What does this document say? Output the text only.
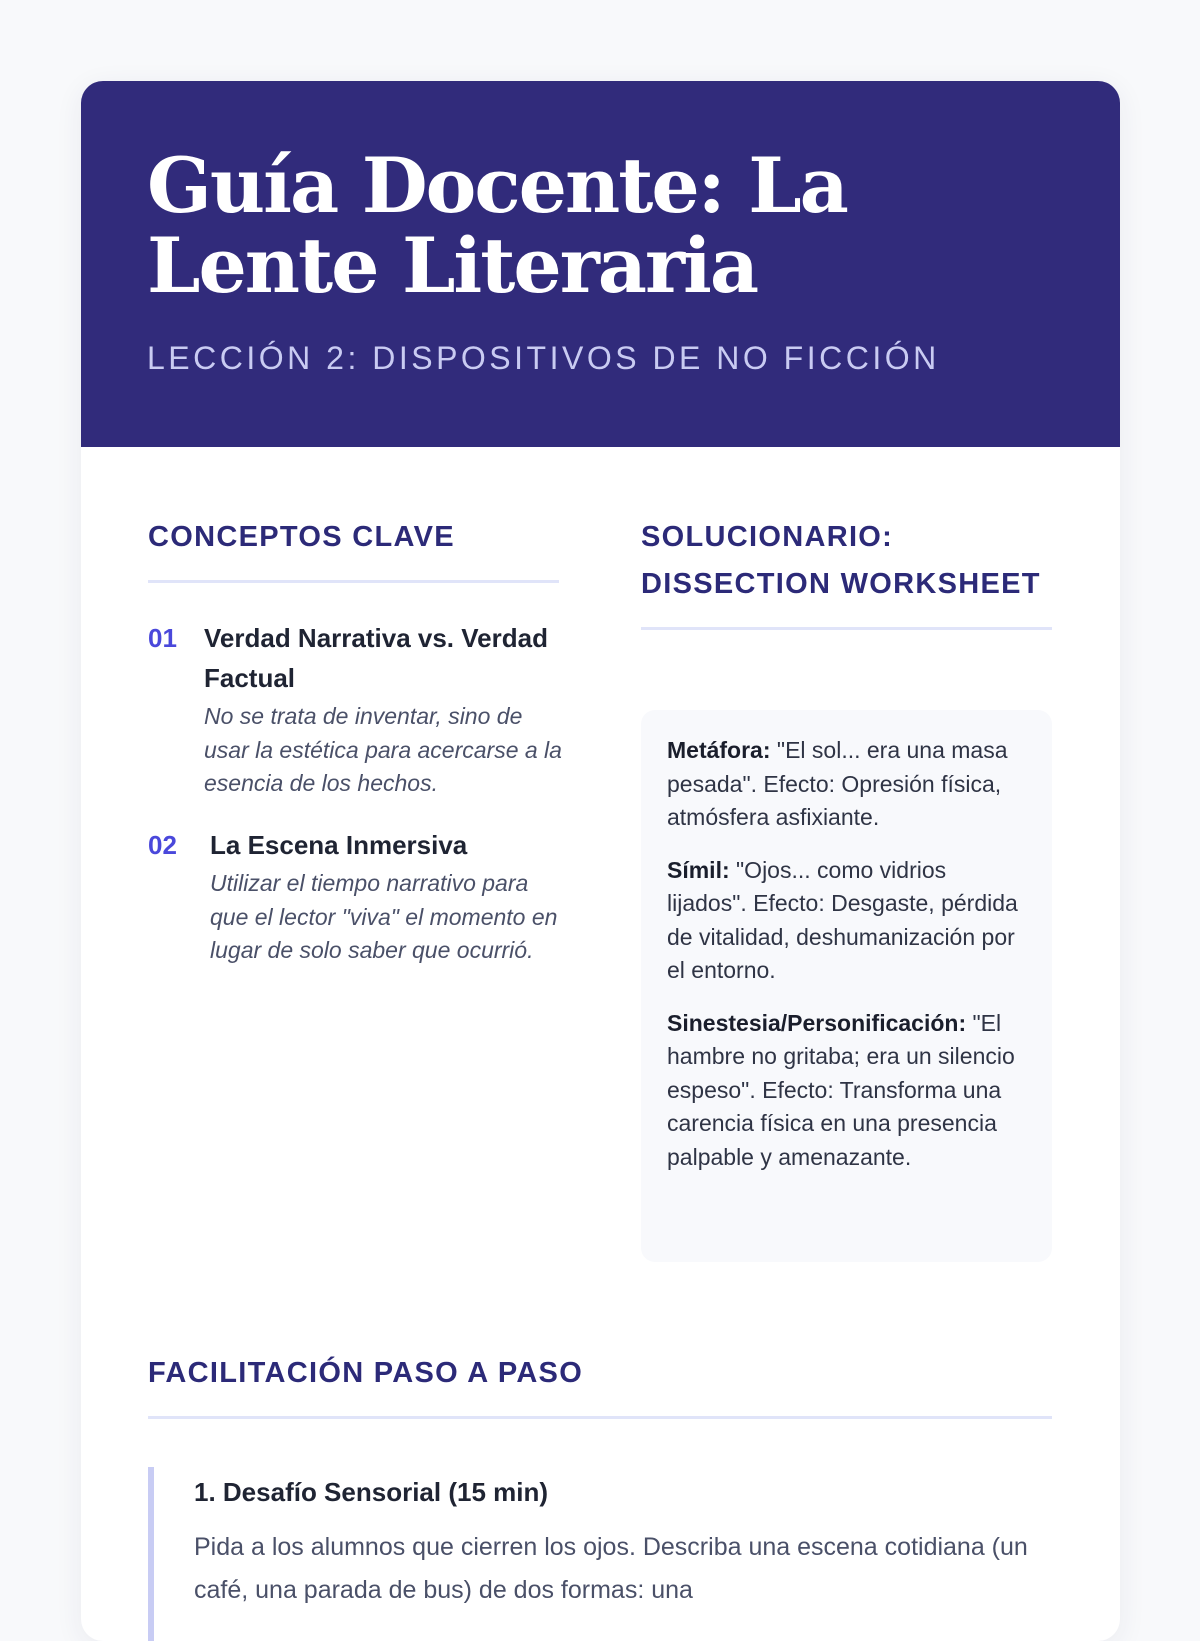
Guía Docente: La Lente Literaria
LECCIÓN 2: DISPOSITIVOS DE NO FICCIÓN
CONCEPTOS CLAVE
01	Verdad Narrativa vs. Verdad Factual
No se trata de inventar, sino de usar la estética para acercarse a la esencia de los hechos.
02	La Escena Inmersiva
Utilizar el tiempo narrativo para que el lector "viva" el momento en lugar de solo saber que ocurrió.
SOLUCIONARIO: DISSECTION WORKSHEET

Metáfora: "El sol... era una masa pesada". Efecto: Opresión física, atmósfera asfixiante.

Símil: "Ojos... como vidrios lijados". Efecto: Desgaste, pérdida de vitalidad, deshumanización por el entorno.

Sinestesia/Personificación: "El hambre no gritaba; era un silencio espeso". Efecto: Transforma una carencia física en una presencia palpable y amenazante.

FACILITACIÓN PASO A PASO
1. Desafío Sensorial (15 min)

Pida a los alumnos que cierren los ojos. Describa una escena cotidiana (un café, una parada de bus) de dos formas: una
